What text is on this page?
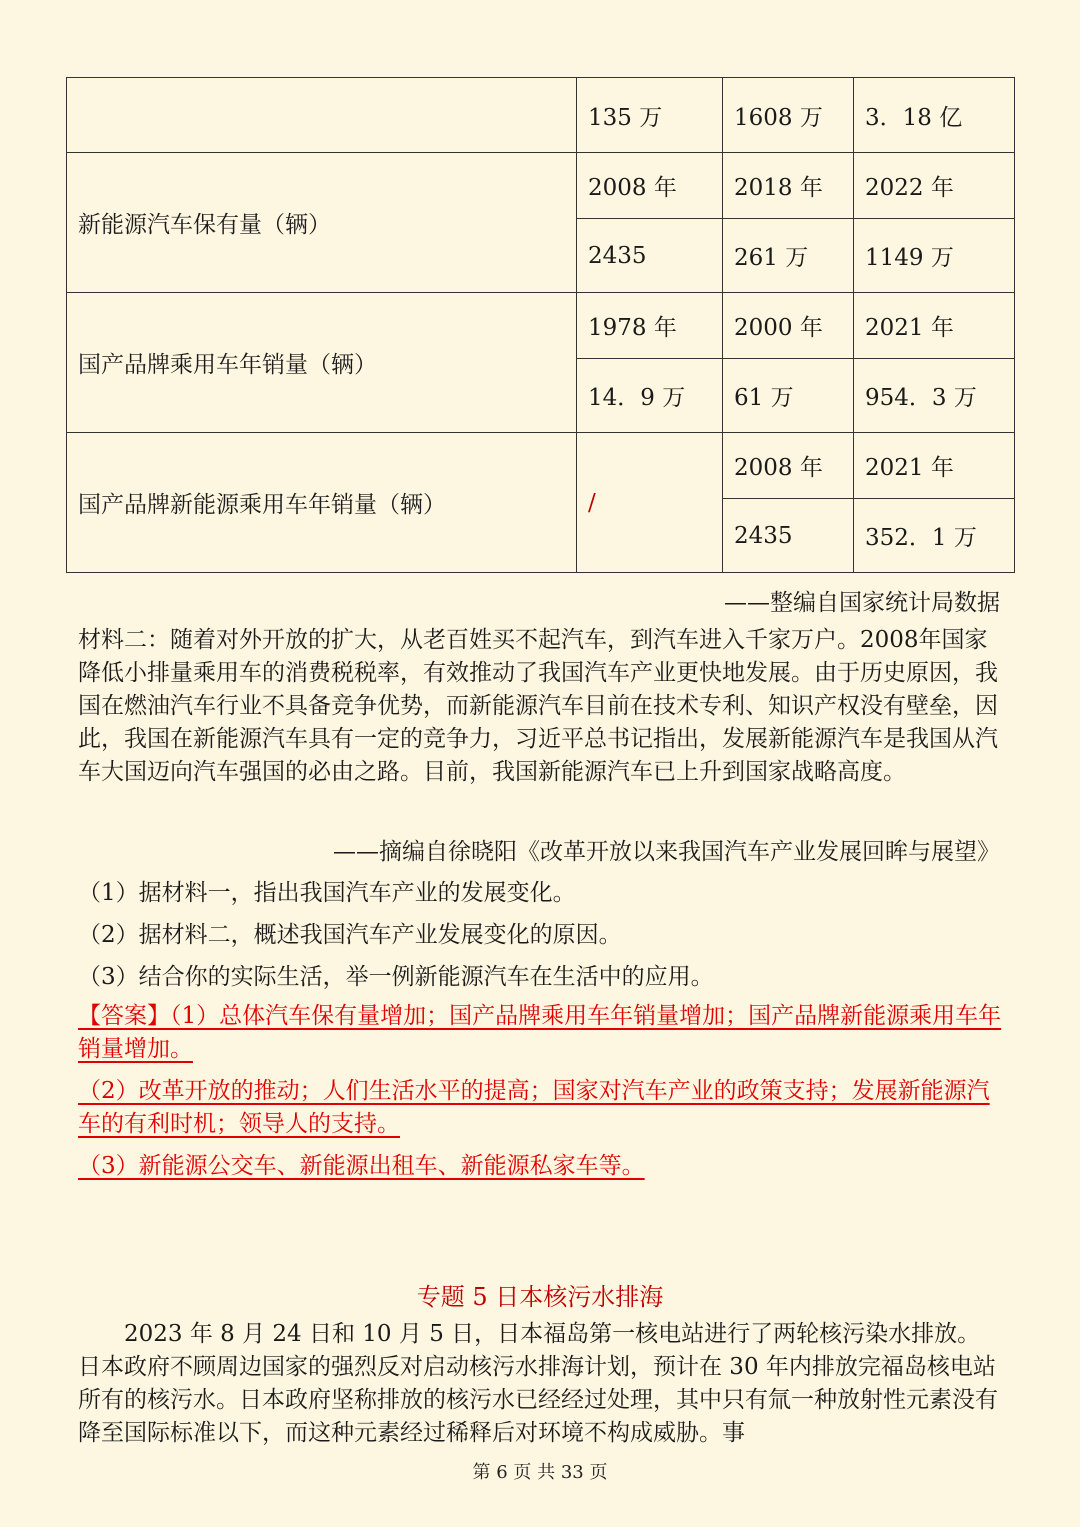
	135 万	1608 万	3．18 亿
新能源汽车保有量（辆）	2008 年	2018 年	2022 年
	2435	261 万	1149 万
国产品牌乘用车年销量（辆）	1978 年	2000 年	2021 年
	14．9 万	61 万	954．3 万
国产品牌新能源乘用车年销量（辆）	/	2008 年	2021 年
		2435	352．1 万
——整编自国家统计局数据
材料二：随着对外开放的扩大，从老百姓买不起汽车，到汽车进入千家万户。2008年国家降低小排量乘用车的消费税税率，有效推动了我国汽车产业更快地发展。由于历史原因，我国在燃油汽车行业不具备竞争优势，而新能源汽车目前在技术专利、知识产权没有壁垒，因此，我国在新能源汽车具有一定的竞争力，习近平总书记指出，发展新能源汽车是我国从汽车大国迈向汽车强国的必由之路。目前，我国新能源汽车已上升到国家战略高度。
——摘编自徐晓阳《改革开放以来我国汽车产业发展回眸与展望》
（1）据材料一，指出我国汽车产业的发展变化。
（2）据材料二，概述我国汽车产业发展变化的原因。
（3）结合你的实际生活，举一例新能源汽车在生活中的应用。
【答案】（1）总体汽车保有量增加；国产品牌乘用车年销量增加；国产品牌新能源乘用车年销量增加。
（2）改革开放的推动；人们生活水平的提高；国家对汽车产业的政策支持；发展新能源汽车的有利时机；领导人的支持。
（3）新能源公交车、新能源出租车、新能源私家车等。
专题 5 日本核污水排海
2023 年 8 月 24 日和 10 月 5 日，日本福岛第一核电站进行了两轮核污染水排放。日本政府不顾周边国家的强烈反对启动核污水排海计划，预计在 30 年内排放完福岛核电站所有的核污水。日本政府坚称排放的核污水已经经过处理，其中只有氚一种放射性元素没有降至国际标准以下，而这种元素经过稀释后对环境不构成威胁。事
第 6 页 共 33 页
